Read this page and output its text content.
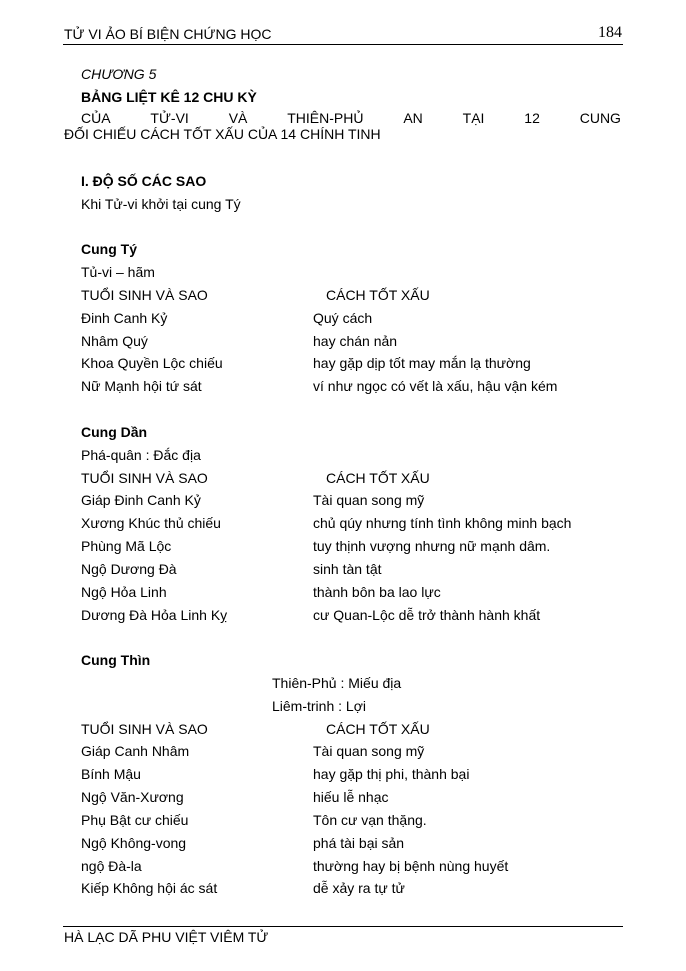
TỬ VI ẢO BÍ BIỆN CHỨNG HỌC	184
CHƯƠNG 5
BẢNG LIỆT KÊ 12 CHU KỲ
CỦA	TỬ-VI	VÀ	THIÊN-PHỦ	AN	TẠI	12	CUNG
ĐỐI CHIẾU CÁCH TỐT XẤU CỦA 14 CHÍNH TINH
I. ĐỘ SỐ CÁC SAO
Khi Tử-vi khởi tại cung Tý
Cung Tý
Tủ-vi – hãm
TUỔI SINH VÀ SAO	CÁCH TỐT XẤU
Đinh Canh Kỷ	Quý cách
Nhâm Quý	hay chán nản
Khoa Quyền Lộc chiếu	hay gặp dịp tốt may mắn lạ thường
Nữ Mạnh hội tứ sát	ví như ngọc có vết là xấu, hậu vận kém
Cung Dần
Phá-quân : Đắc địa
TUỔI SINH VÀ SAO	CÁCH TỐT XẤU
Giáp Đinh Canh Kỷ	Tài quan song mỹ
Xương Khúc thủ chiếu	chủ qúy nhưng tính tình không minh bạch
Phùng Mã Lộc	tuy thịnh vượng nhưng nữ mạnh dâm.
Ngộ Dương Đà	sinh tàn tật
Ngộ Hỏa Linh	thành bôn ba lao lực
Dương Đà Hỏa Linh Kỵ	cư Quan-Lộc dễ trở thành hành khất
Cung Thìn
Thiên-Phủ : Miếu địa
Liêm-trinh : Lợi
TUỔI SINH VÀ SAO	CÁCH TỐT XẤU
Giáp Canh Nhâm	Tài quan song mỹ
Bính Mậu	hay gặp thị phi, thành bại
Ngộ Văn-Xương	hiếu lễ nhạc
Phụ Bật cư chiếu	Tôn cư vạn thặng.
Ngộ Không-vong	phá tài bại sản
ngộ Đà-la	thường hay bị bệnh nùng huyết
Kiếp Không hội ác sát	dễ xảy ra tự tử
HÀ LẠC DÃ PHU VIỆT VIÊM TỬ
